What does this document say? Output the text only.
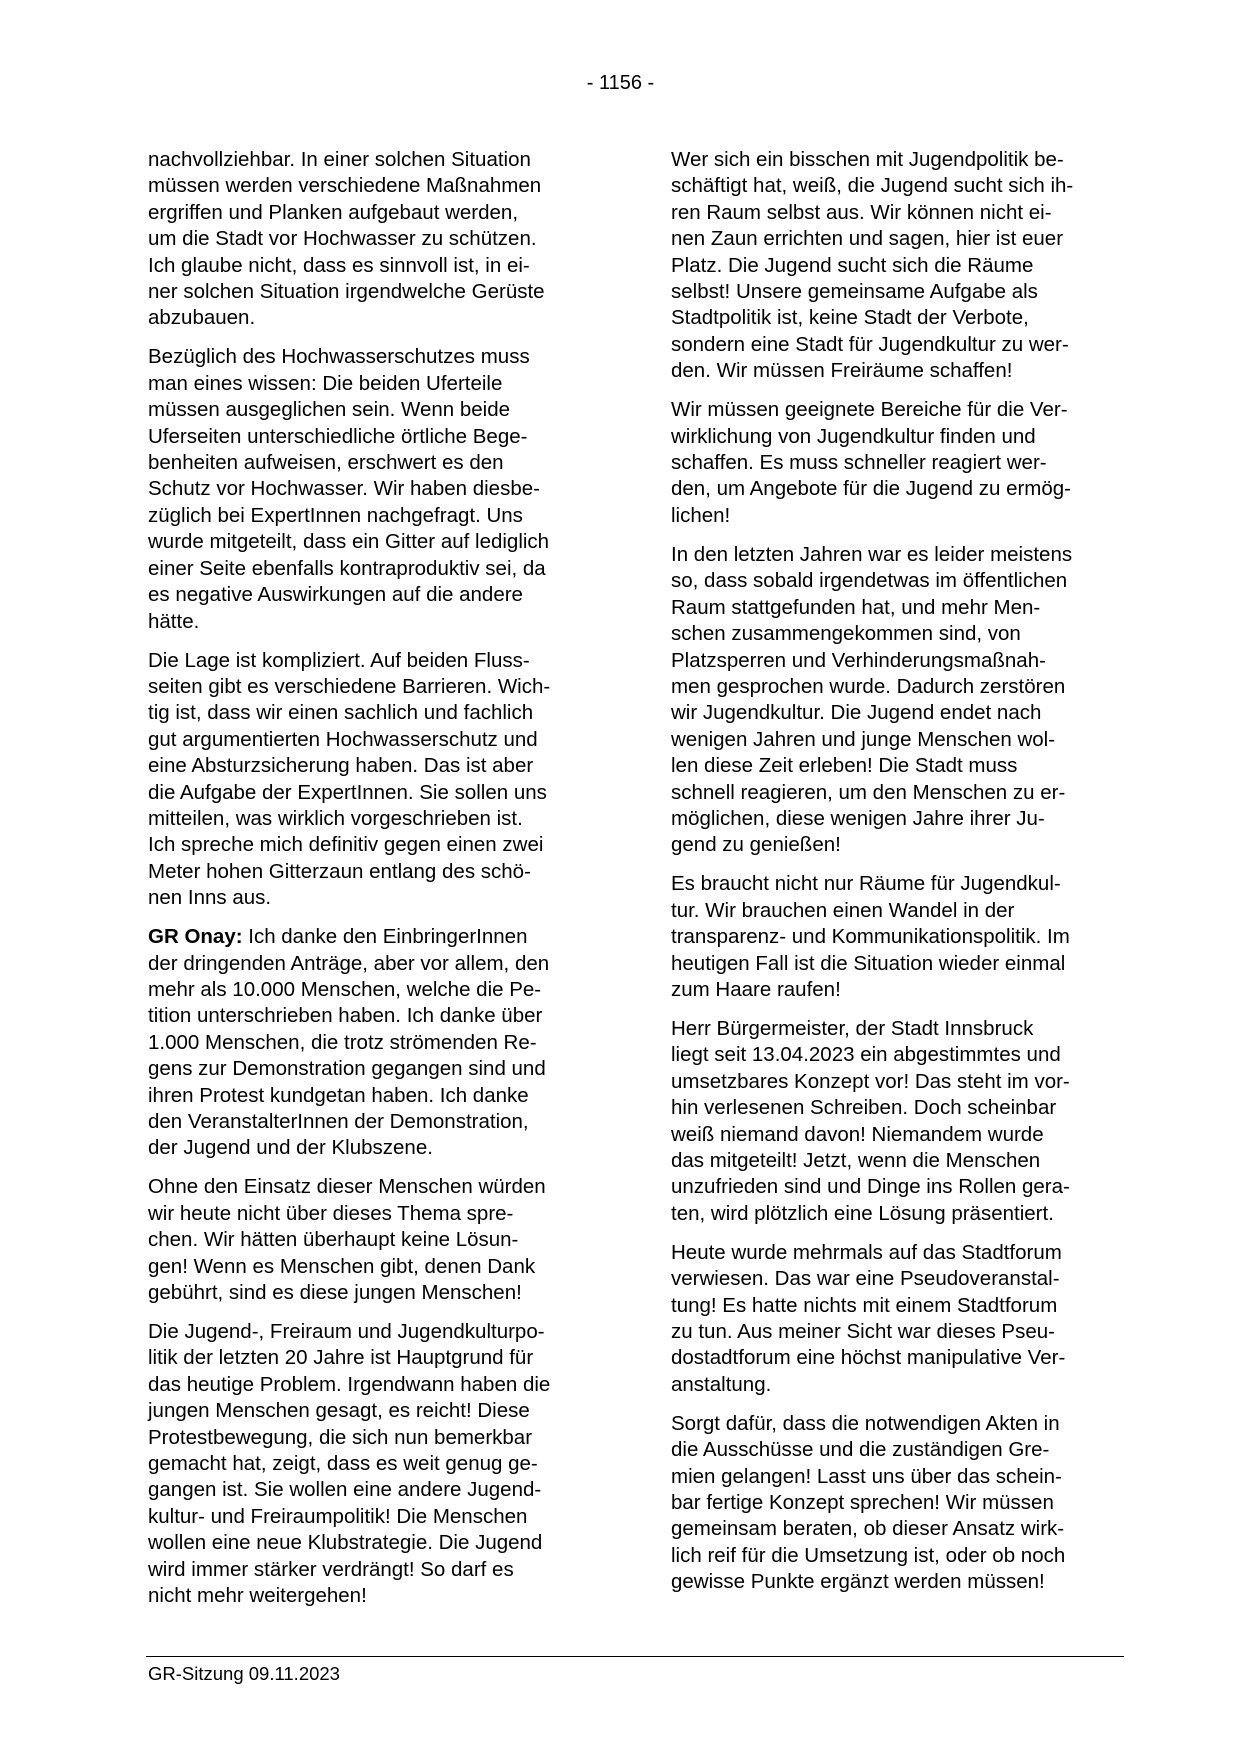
- 1156 -
nachvollziehbar. In einer solchen Situation
müssen werden verschiedene Maßnahmen
ergriffen und Planken aufgebaut werden,
um die Stadt vor Hochwasser zu schützen.
Ich glaube nicht, dass es sinnvoll ist, in ei-
ner solchen Situation irgendwelche Gerüste
abzubauen.
Bezüglich des Hochwasserschutzes muss
man eines wissen: Die beiden Uferteile
müssen ausgeglichen sein. Wenn beide
Uferseiten unterschiedliche örtliche Bege-
benheiten aufweisen, erschwert es den
Schutz vor Hochwasser. Wir haben diesbe-
züglich bei ExpertInnen nachgefragt. Uns
wurde mitgeteilt, dass ein Gitter auf lediglich
einer Seite ebenfalls kontraproduktiv sei, da
es negative Auswirkungen auf die andere
hätte.
Die Lage ist kompliziert. Auf beiden Fluss-
seiten gibt es verschiedene Barrieren. Wich-
tig ist, dass wir einen sachlich und fachlich
gut argumentierten Hochwasserschutz und
eine Absturzsicherung haben. Das ist aber
die Aufgabe der ExpertInnen. Sie sollen uns
mitteilen, was wirklich vorgeschrieben ist.
Ich spreche mich definitiv gegen einen zwei
Meter hohen Gitterzaun entlang des schö-
nen Inns aus.
GR Onay: Ich danke den EinbringerInnen
der dringenden Anträge, aber vor allem, den
mehr als 10.000 Menschen, welche die Pe-
tition unterschrieben haben. Ich danke über
1.000 Menschen, die trotz strömenden Re-
gens zur Demonstration gegangen sind und
ihren Protest kundgetan haben. Ich danke
den VeranstalterInnen der Demonstration,
der Jugend und der Klubszene.
Ohne den Einsatz dieser Menschen würden
wir heute nicht über dieses Thema spre-
chen. Wir hätten überhaupt keine Lösun-
gen! Wenn es Menschen gibt, denen Dank
gebührt, sind es diese jungen Menschen!
Die Jugend-, Freiraum und Jugendkulturpo-
litik der letzten 20 Jahre ist Hauptgrund für
das heutige Problem. Irgendwann haben die
jungen Menschen gesagt, es reicht! Diese
Protestbewegung, die sich nun bemerkbar
gemacht hat, zeigt, dass es weit genug ge-
gangen ist. Sie wollen eine andere Jugend-
kultur- und Freiraumpolitik! Die Menschen
wollen eine neue Klubstrategie. Die Jugend
wird immer stärker verdrängt! So darf es
nicht mehr weitergehen!
Wer sich ein bisschen mit Jugendpolitik be-
schäftigt hat, weiß, die Jugend sucht sich ih-
ren Raum selbst aus. Wir können nicht ei-
nen Zaun errichten und sagen, hier ist euer
Platz. Die Jugend sucht sich die Räume
selbst! Unsere gemeinsame Aufgabe als
Stadtpolitik ist, keine Stadt der Verbote,
sondern eine Stadt für Jugendkultur zu wer-
den. Wir müssen Freiräume schaffen!
Wir müssen geeignete Bereiche für die Ver-
wirklichung von Jugendkultur finden und
schaffen. Es muss schneller reagiert wer-
den, um Angebote für die Jugend zu ermög-
lichen!
In den letzten Jahren war es leider meistens
so, dass sobald irgendetwas im öffentlichen
Raum stattgefunden hat, und mehr Men-
schen zusammengekommen sind, von
Platzsperren und Verhinderungsmaßnah-
men gesprochen wurde. Dadurch zerstören
wir Jugendkultur. Die Jugend endet nach
wenigen Jahren und junge Menschen wol-
len diese Zeit erleben! Die Stadt muss
schnell reagieren, um den Menschen zu er-
möglichen, diese wenigen Jahre ihrer Ju-
gend zu genießen!
Es braucht nicht nur Räume für Jugendkul-
tur. Wir brauchen einen Wandel in der
transparenz- und Kommunikationspolitik. Im
heutigen Fall ist die Situation wieder einmal
zum Haare raufen!
Herr Bürgermeister, der Stadt Innsbruck
liegt seit 13.04.2023 ein abgestimmtes und
umsetzbares Konzept vor! Das steht im vor-
hin verlesenen Schreiben. Doch scheinbar
weiß niemand davon! Niemandem wurde
das mitgeteilt! Jetzt, wenn die Menschen
unzufrieden sind und Dinge ins Rollen gera-
ten, wird plötzlich eine Lösung präsentiert.
Heute wurde mehrmals auf das Stadtforum
verwiesen. Das war eine Pseudoveranstal-
tung! Es hatte nichts mit einem Stadtforum
zu tun. Aus meiner Sicht war dieses Pseu-
dostadtforum eine höchst manipulative Ver-
anstaltung.
Sorgt dafür, dass die notwendigen Akten in
die Ausschüsse und die zuständigen Gre-
mien gelangen! Lasst uns über das schein-
bar fertige Konzept sprechen! Wir müssen
gemeinsam beraten, ob dieser Ansatz wirk-
lich reif für die Umsetzung ist, oder ob noch
gewisse Punkte ergänzt werden müssen!
GR-Sitzung 09.11.2023
